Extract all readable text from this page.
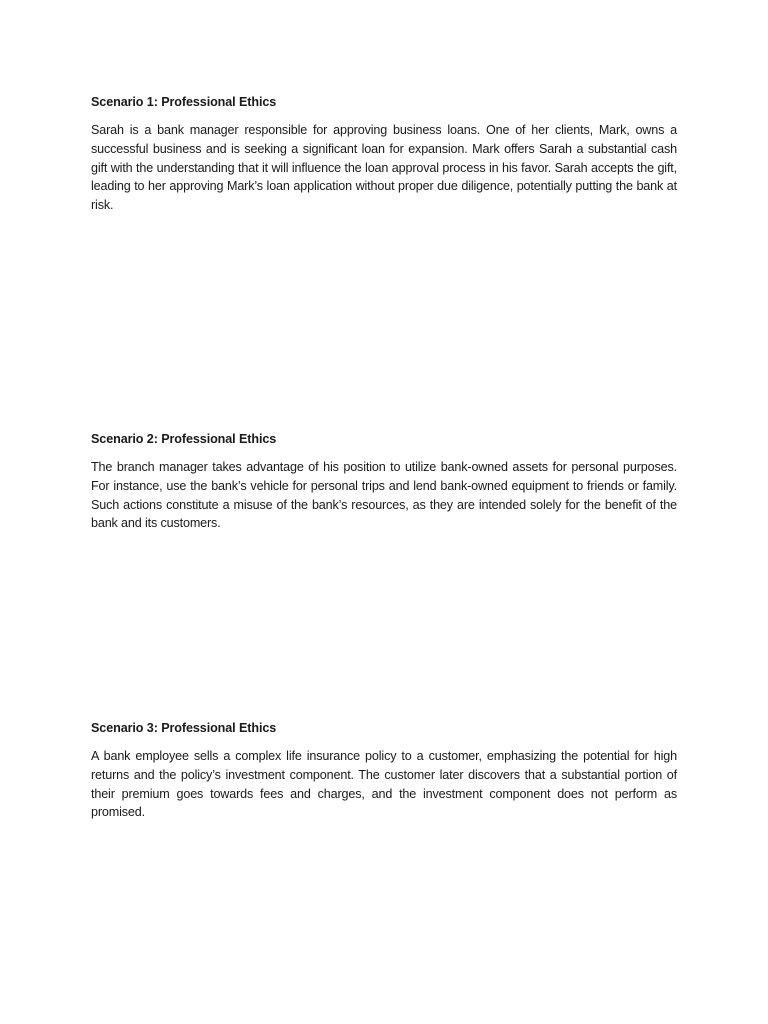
Scenario 1: Professional Ethics

Sarah is a bank manager responsible for approving business loans. One of her clients, Mark, owns a successful business and is seeking a significant loan for expansion. Mark offers Sarah a substantial cash gift with the understanding that it will influence the loan approval process in his favor. Sarah accepts the gift, leading to her approving Mark’s loan application without proper due diligence, potentially putting the bank at risk.

Scenario 2: Professional Ethics

The branch manager takes advantage of his position to utilize bank-owned assets for personal purposes. For instance, use the bank’s vehicle for personal trips and lend bank-owned equipment to friends or family. Such actions constitute a misuse of the bank’s resources, as they are intended solely for the benefit of the bank and its customers.

Scenario 3: Professional Ethics

A bank employee sells a complex life insurance policy to a customer, emphasizing the potential for high returns and the policy’s investment component. The customer later discovers that a substantial portion of their premium goes towards fees and charges, and the investment component does not perform as promised.
